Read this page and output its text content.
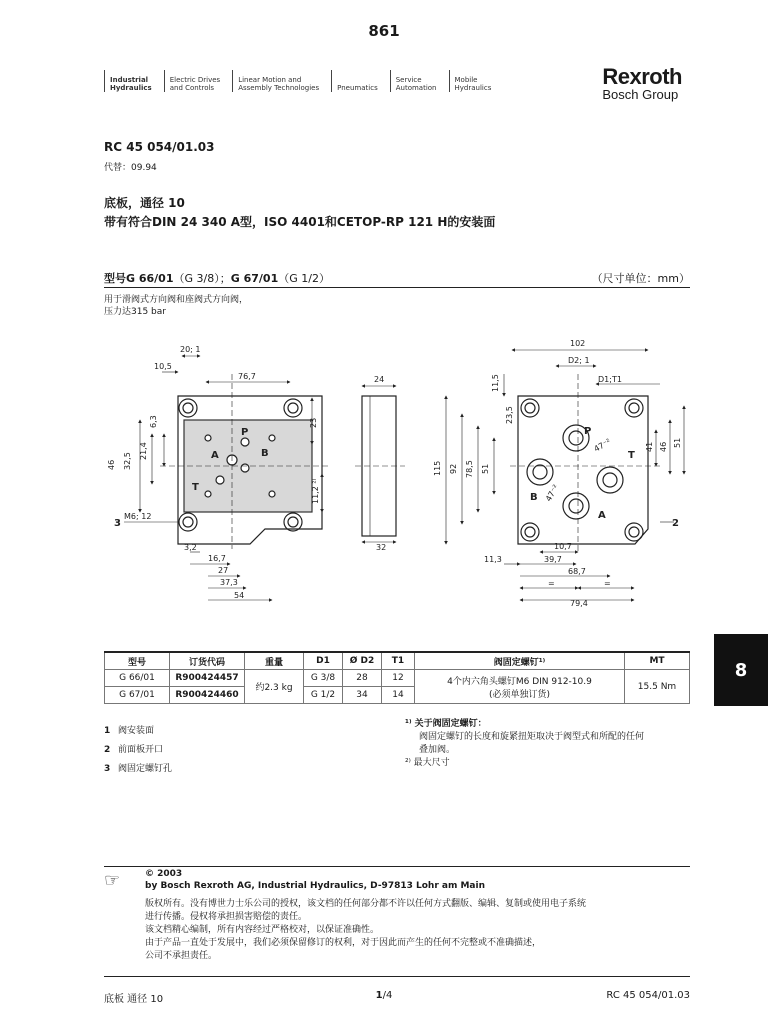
861
Industrial
Hydraulics
Electric Drives
and Controls
Linear Motion and
Assembly Technologies	Pneumatics
Service
Automation
Mobile
Hydraulics	Rexroth
Bosch Group
RC 45 054/01.03
代替：09.94
底板，通径 10
带有符合DIN 24 340 A型，ISO 4401和CETOP-RP 121 H的安装面
型号G 66/01（G 3/8）；G 67/01（G 1/2）	（尺寸单位：mm）
用于滑阀式方向阀和座阀式方向阀，
压力达315 bar
20; 1
10,5
76,7	24
6,3	23
46 32,5
21,4
11,2 ²⁾
P
A	B
T
M6; 12
3
3,2
16,7
27
37,3
54
32
102
D2; 1
D1;T1
11,5
23,5
115 92 78,5 51
41 46 51
47⁻²
47⁻²
P
T
B
A
2
10,7
11,3	39,7
68,7
=	=
79,4
型号	订货代码	重量	D1	Ø D2	T1	阀固定螺钉¹⁾	MT
G 66/01	R900424457	约2.3 kg	G 3/8	28	12	4个内六角头螺钉M6 DIN 912-10.9
(必须单独订货)	15.5 Nm
G 67/01	R900424460		G 1/2	34	14		
8
1 阀安装面
2 前面板开口
3 阀固定螺钉孔
¹⁾ 关于阀固定螺钉：
阀固定螺钉的长度和旋紧扭矩取决于阀型式和所配的任何
叠加阀。
²⁾ 最大尺寸
☞	© 2003
by Bosch Rexroth AG, Industrial Hydraulics, D-97813 Lohr am Main
版权所有。没有博世力士乐公司的授权，该文档的任何部分都不许以任何方式翻版、编辑、复制或使用电子系统
进行传播。侵权将承担损害赔偿的责任。
该文档精心编制，所有内容经过严格校对，以保证准确性。
由于产品一直处于发展中，我们必须保留修订的权利，对于因此而产生的任何不完整或不准确描述，
公司不承担责任。
底板 通径 10	1/4	RC 45 054/01.03
